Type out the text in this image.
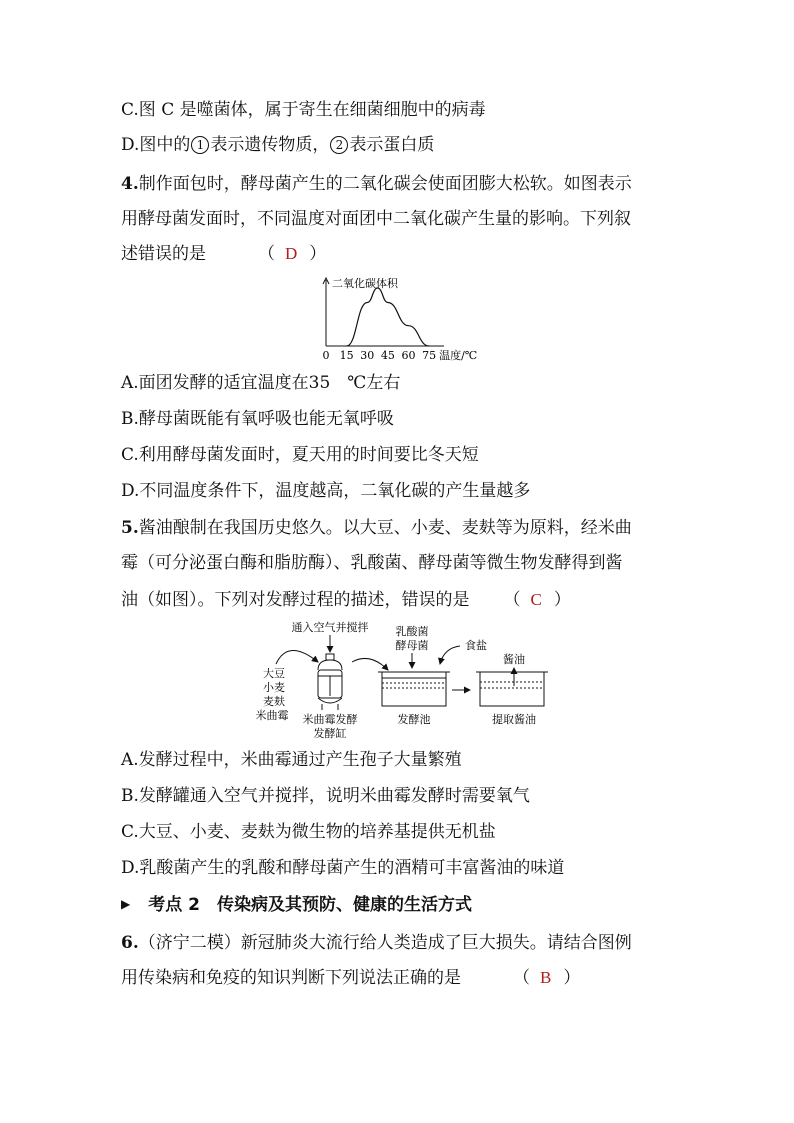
C.图 C 是噬菌体，属于寄生在细菌细胞中的病毒
D.图中的 1 表示遗传物质， 2 表示蛋白质
4.制作面包时，酵母菌产生的二氧化碳会使面团膨大松软。如图表示
用酵母菌发面时，不同温度对面团中二氧化碳产生量的影响。下列叙
述错误的是	（ D ）
二氧化碳体积
0 15 30 45 60 75 温度/℃
A.面团发酵的适宜温度在35　℃左右
B.酵母菌既能有氧呼吸也能无氧呼吸
C.利用酵母菌发面时，夏天用的时间要比冬天短
D.不同温度条件下，温度越高，二氧化碳的产生量越多
5.酱油酿制在我国历史悠久。以大豆、小麦、麦麸等为原料，经米曲
霉（可分泌蛋白酶和脂肪酶）、乳酸菌、酵母菌等微生物发酵得到酱
油（如图）。下列对发酵过程的描述，错误的是 （ C ）
大豆
小麦
麦麸
米曲霉
通入空气并搅拌
米曲霉发酵
发酵缸
乳酸菌
酵母菌	食盐
发酵池
酱油
提取酱油
A.发酵过程中，米曲霉通过产生孢子大量繁殖
B.发酵罐通入空气并搅拌，说明米曲霉发酵时需要氧气
C.大豆、小麦、麦麸为微生物的培养基提供无机盐
D.乳酸菌产生的乳酸和酵母菌产生的酒精可丰富酱油的味道
▶ 考点 2　传染病及其预防、健康的生活方式
6.（济宁二模）新冠肺炎大流行给人类造成了巨大损失。请结合图例
用传染病和免疫的知识判断下列说法正确的是	（ B ）
